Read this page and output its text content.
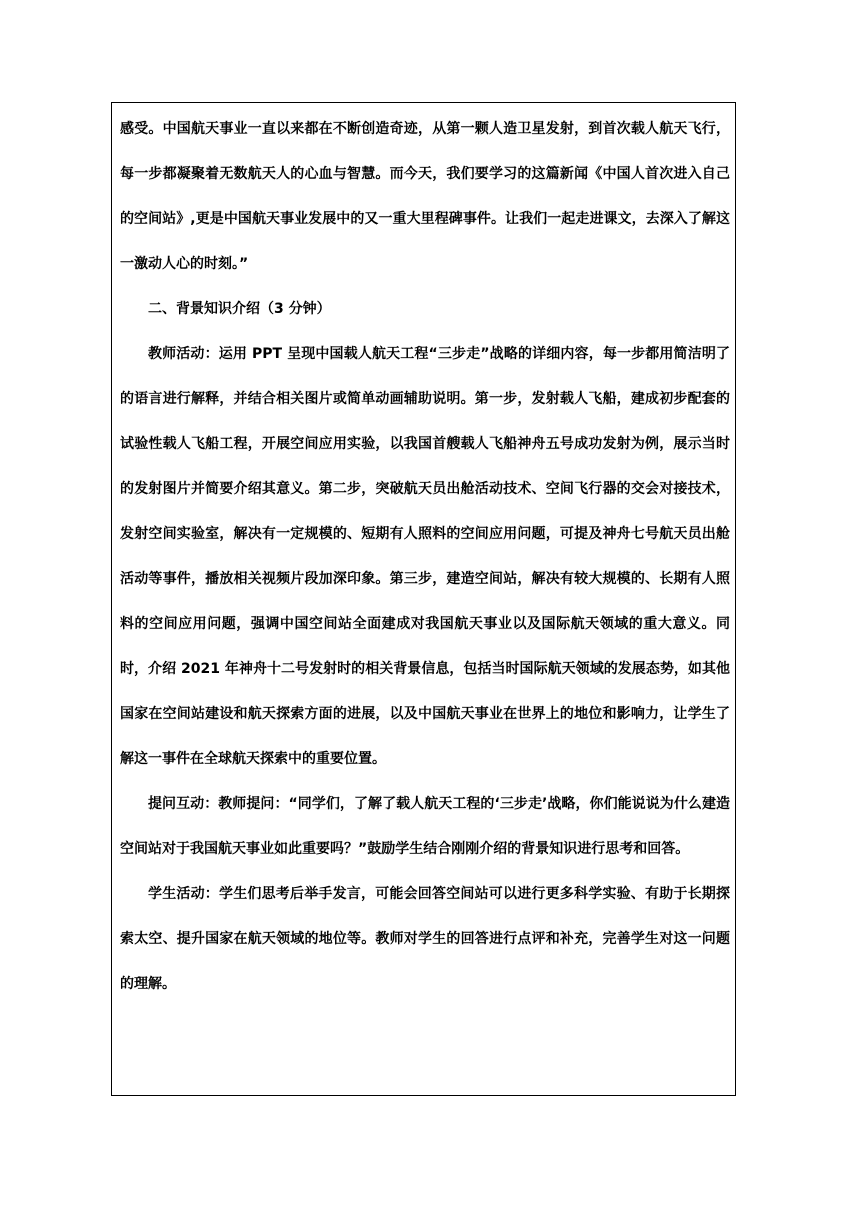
感受。中国航天事业一直以来都在不断创造奇迹，从第一颗人造卫星发射，到首次载人航天飞行，每一步都凝聚着无数航天人的心血与智慧。而今天，我们要学习的这篇新闻《中国人首次进入自己的空间站》,更是中国航天事业发展中的又一重大里程碑事件。让我们一起走进课文，去深入了解这一激动人心的时刻。”

二、背景知识介绍（3 分钟）

教师活动：运用 PPT 呈现中国载人航天工程“三步走”战略的详细内容，每一步都用简洁明了的语言进行解释，并结合相关图片或简单动画辅助说明。第一步，发射载人飞船，建成初步配套的试验性载人飞船工程，开展空间应用实验，以我国首艘载人飞船神舟五号成功发射为例，展示当时的发射图片并简要介绍其意义。第二步，突破航天员出舱活动技术、空间飞行器的交会对接技术，发射空间实验室，解决有一定规模的、短期有人照料的空间应用问题，可提及神舟七号航天员出舱活动等事件，播放相关视频片段加深印象。第三步，建造空间站，解决有较大规模的、长期有人照料的空间应用问题，强调中国空间站全面建成对我国航天事业以及国际航天领域的重大意义。同时，介绍 2021 年神舟十二号发射时的相关背景信息，包括当时国际航天领域的发展态势，如其他国家在空间站建设和航天探索方面的进展，以及中国航天事业在世界上的地位和影响力，让学生了解这一事件在全球航天探索中的重要位置。

提问互动：教师提问：“同学们，了解了载人航天工程的‘三步走’战略，你们能说说为什么建造空间站对于我国航天事业如此重要吗？”鼓励学生结合刚刚介绍的背景知识进行思考和回答。

学生活动：学生们思考后举手发言，可能会回答空间站可以进行更多科学实验、有助于长期探索太空、提升国家在航天领域的地位等。教师对学生的回答进行点评和补充，完善学生对这一问题的理解。
